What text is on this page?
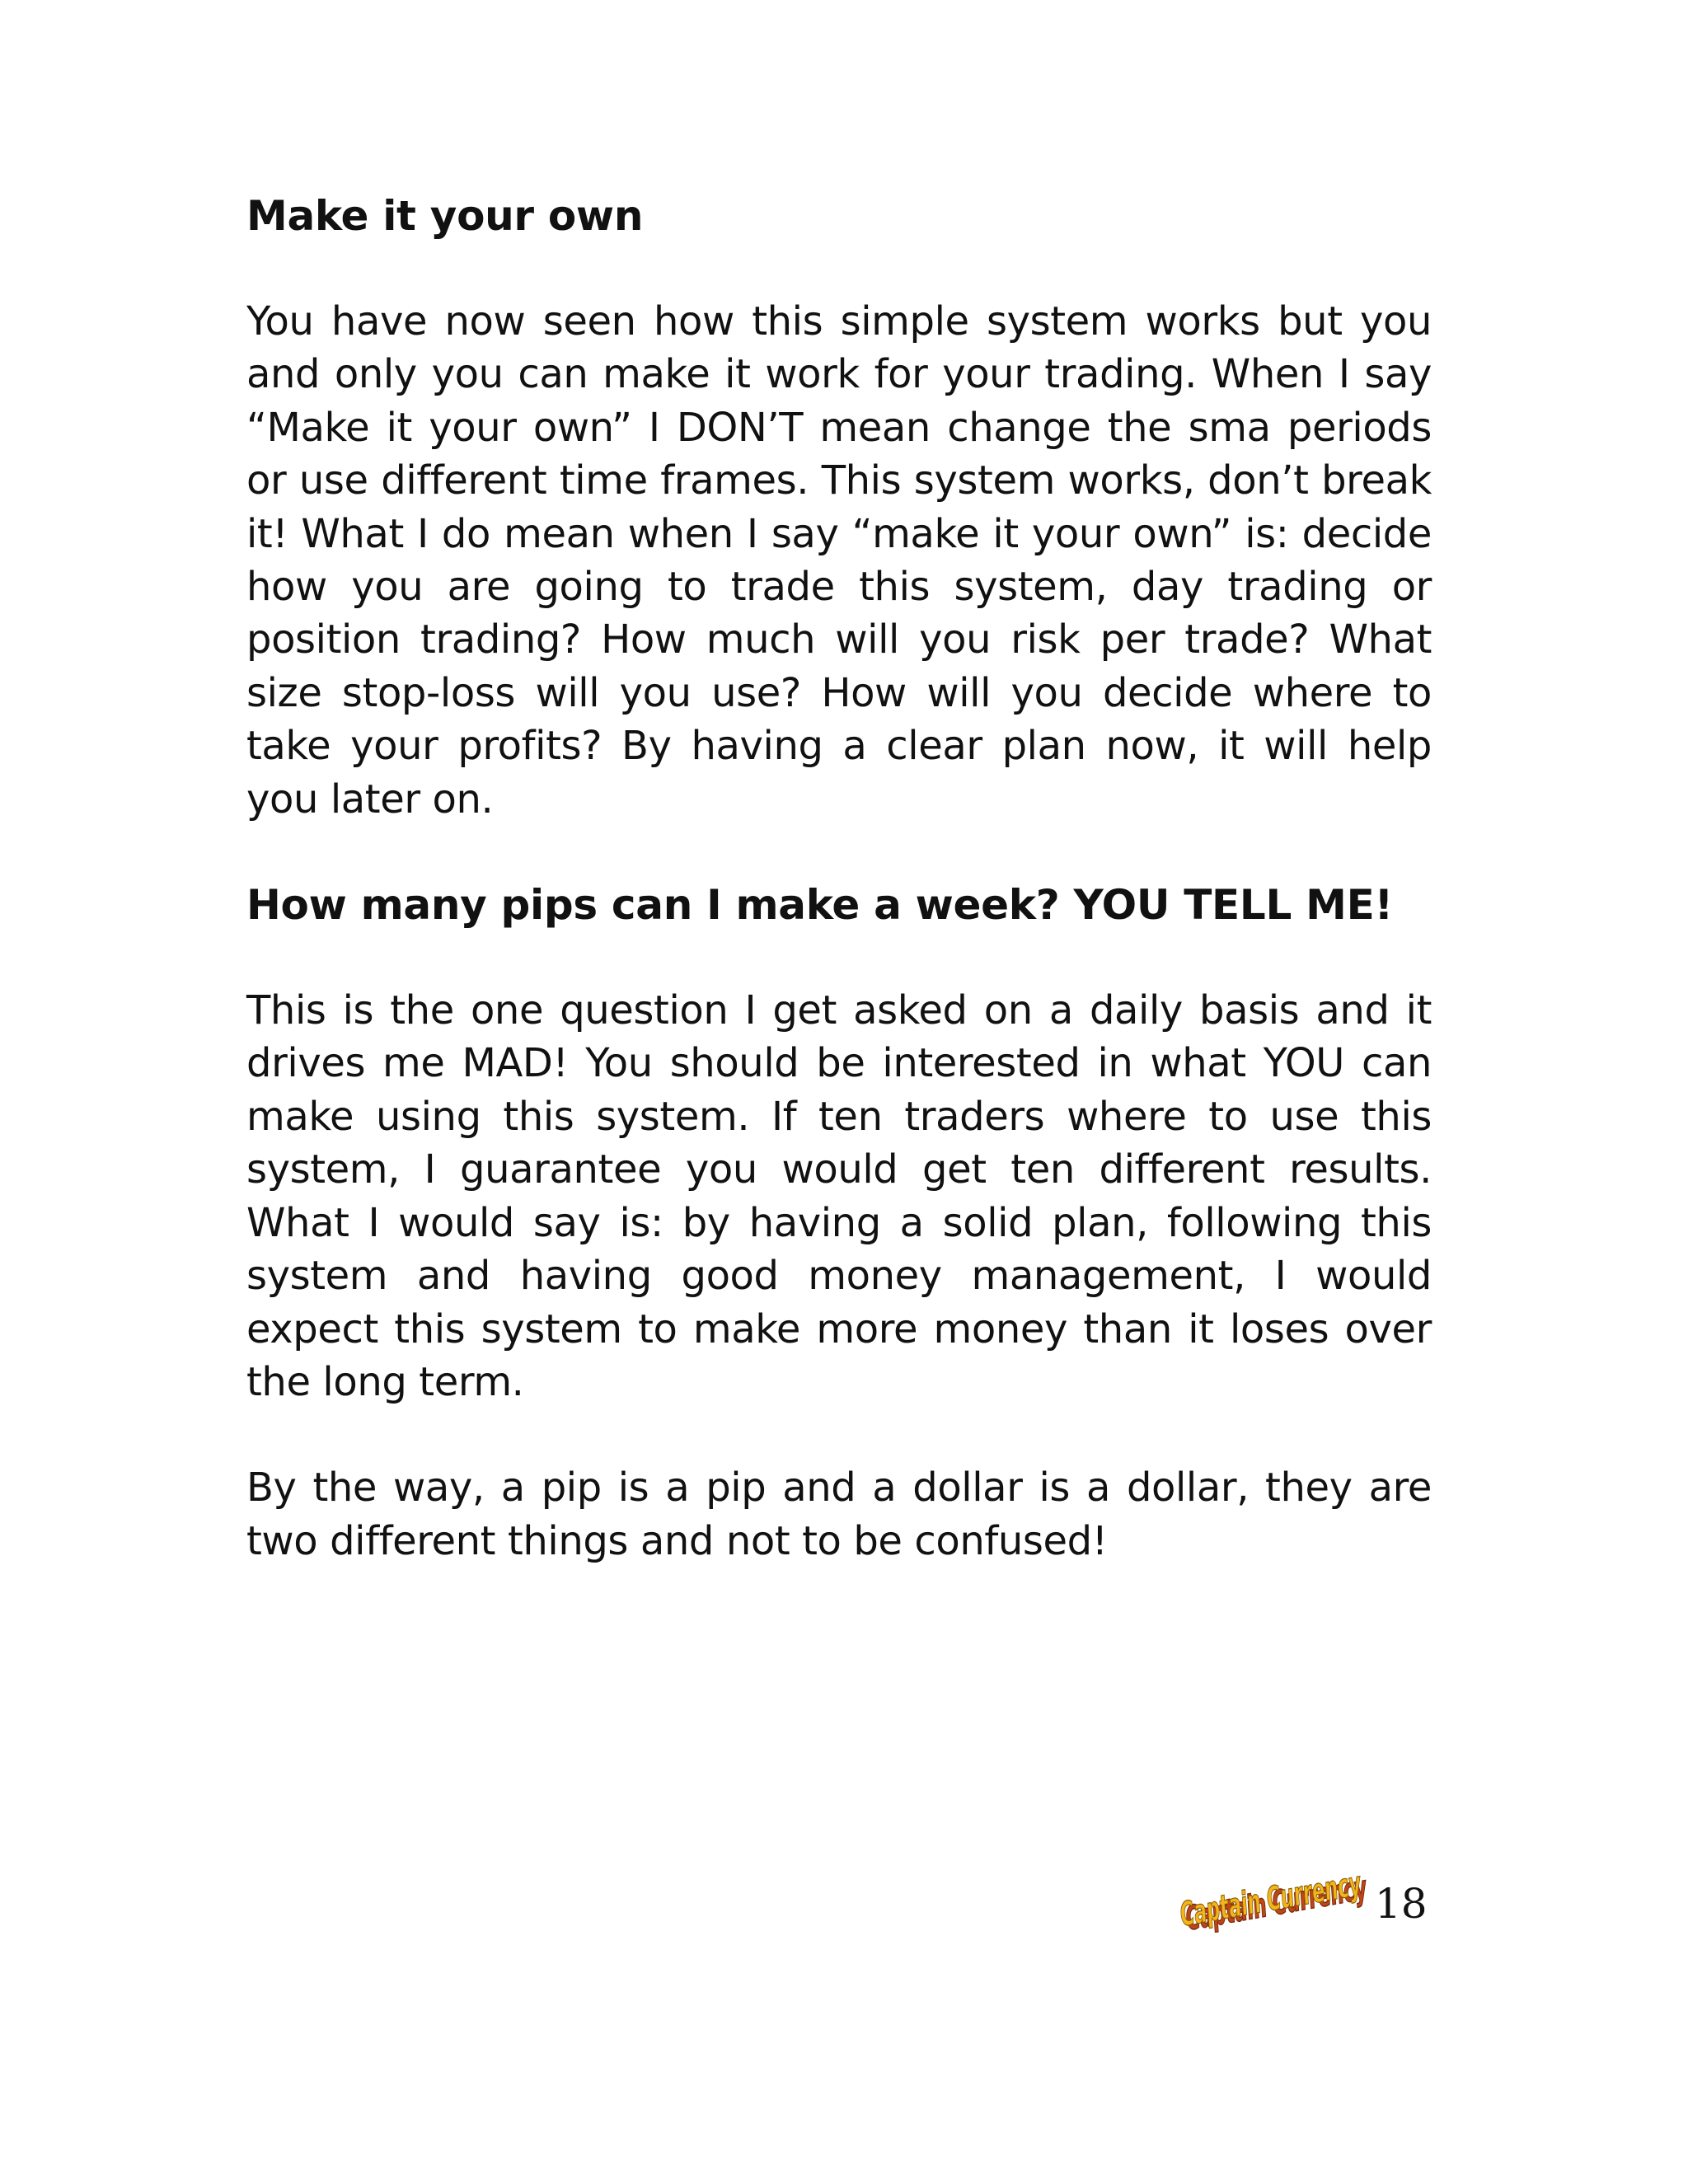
Make it your own

You have now seen how this simple system works but you and only you can make it work for your trading. When I say “Make it your own” I DON’T mean change the sma periods or use different time frames. This system works, don’t break it! What I do mean when I say “make it your own” is: decide how you are going to trade this system, day trading or position trading? How much will you risk per trade? What size stop-loss will you use? How will you decide where to take your profits? By having a clear plan now, it will help you later on.

How many pips can I make a week? YOU TELL ME!

This is the one question I get asked on a daily basis and it drives me MAD! You should be interested in what YOU can make using this system. If ten traders where to use this system, I guarantee you would get ten different results. What I would say is: by having a solid plan, following this system and having good money management, I would expect this system to make more money than it loses over the long term.

By the way, a pip is a pip and a dollar is a dollar, they are two different things and not to be confused!

Captain Currency
Captain Currency
18
